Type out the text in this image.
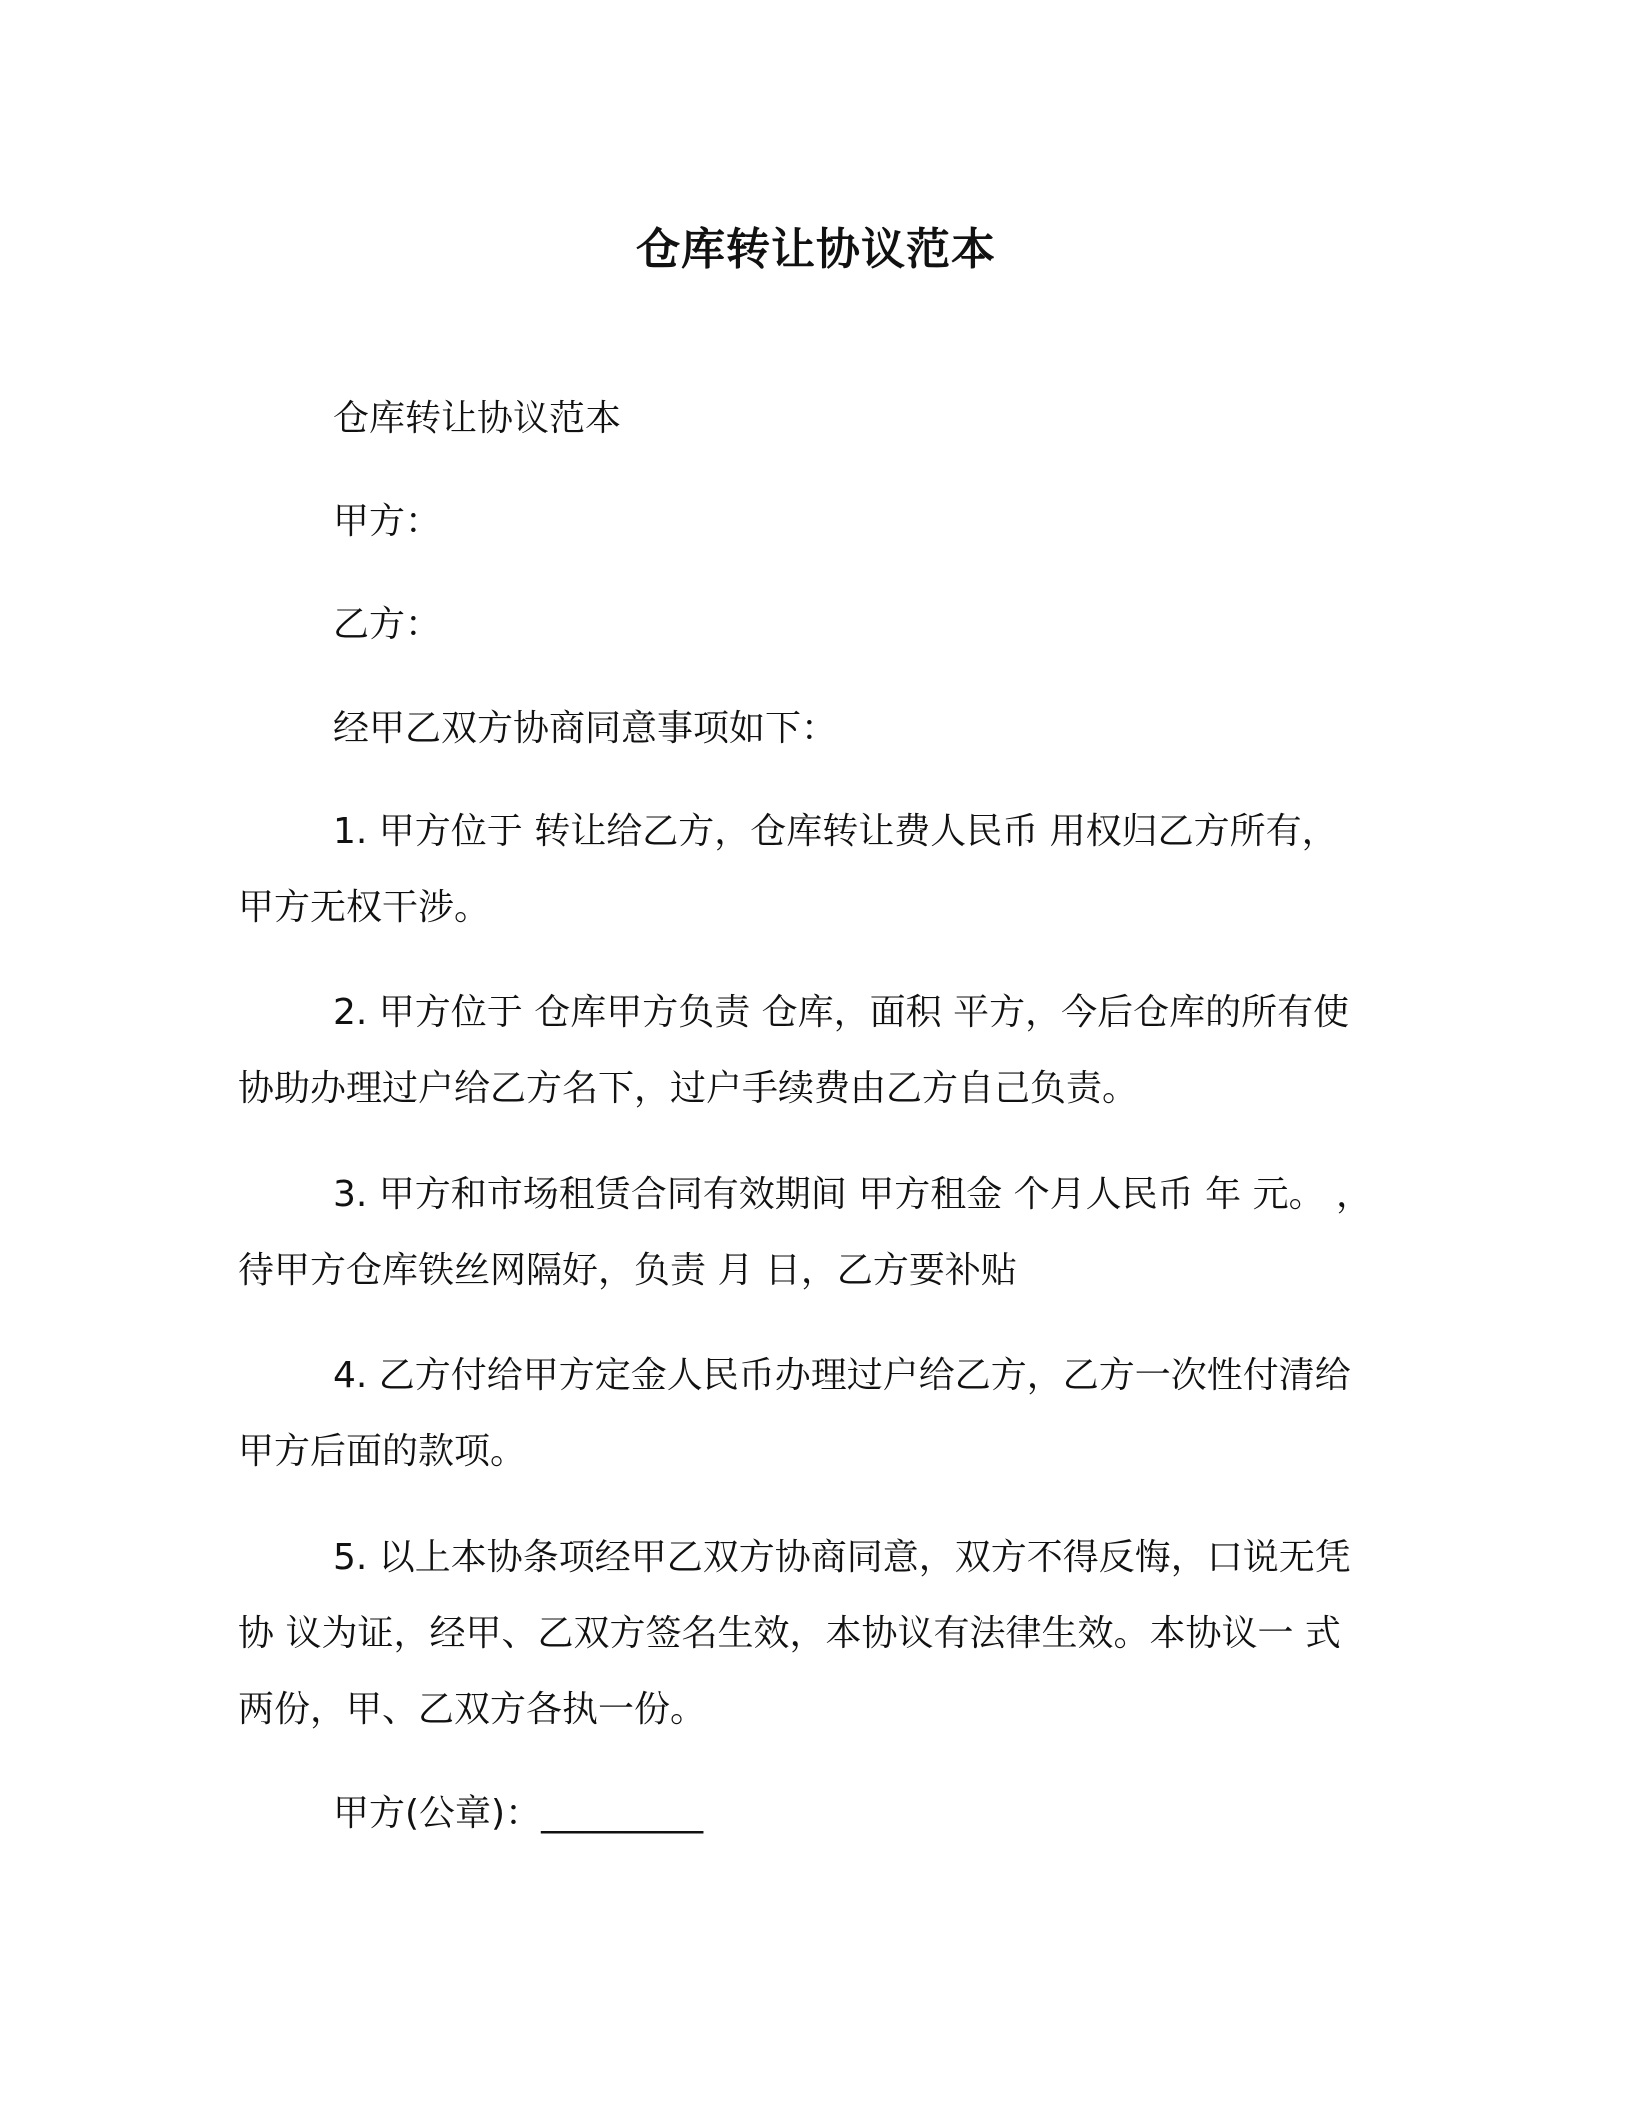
仓库转让协议范本
仓库转让协议范本
甲方：
乙方：
经甲乙双方协商同意事项如下：

1. 甲方位于 转让给乙方，仓库转让费人民币 用权归乙方所有，
甲方无权干涉。

2. 甲方位于 仓库甲方负责 仓库，面积 平方，今后仓库的所有使
协助办理过户给乙方名下，过户手续费由乙方自己负责。

3. 甲方和市场租赁合同有效期间 甲方租金 个月人民币 年 元。 ，
待甲方仓库铁丝网隔好，负责 月 日，乙方要补贴

4. 乙方付给甲方定金人民币办理过户给乙方，乙方一次性付清给
甲方后面的款项。

5. 以上本协条项经甲乙双方协商同意，双方不得反悔，口说无凭
协 议为证，经甲、乙双方签名生效，本协议有法律生效。本协议一 式
两份，甲、乙双方各执一份。

甲方(公章)：_________
